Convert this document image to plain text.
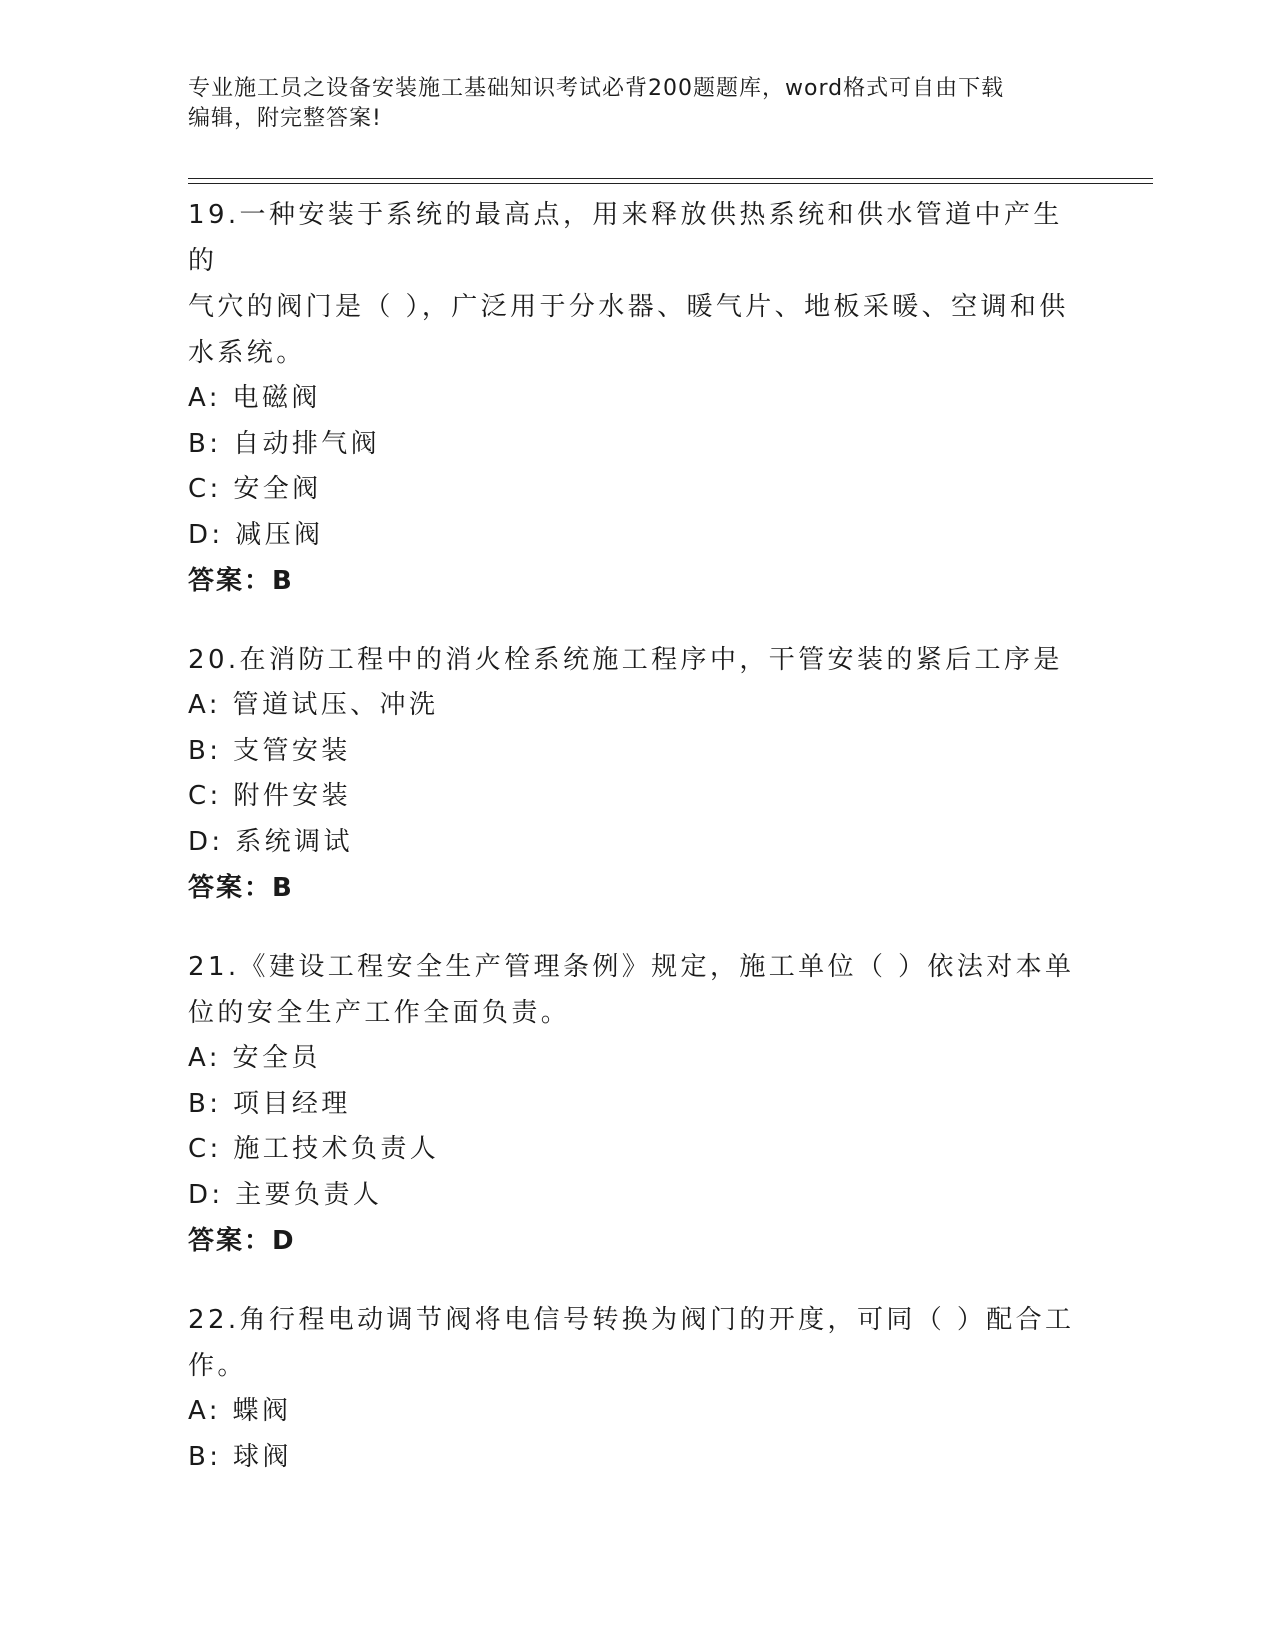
专业施工员之设备安装施工基础知识考试必背200题题库，word格式可自由下载
编辑，附完整答案!
19.一种安装于系统的最高点，用来释放供热系统和供水管道中产生的
气穴的阀门是（ ），广泛用于分水器、暖气片、地板采暖、空调和供
水系统。
A: 电磁阀
B: 自动排气阀
C: 安全阀
D: 减压阀
答案：B
20.在消防工程中的消火栓系统施工程序中，干管安装的紧后工序是
A: 管道试压、冲洗
B: 支管安装
C: 附件安装
D: 系统调试
答案：B
21.《建设工程安全生产管理条例》规定，施工单位（ ）依法对本单
位的安全生产工作全面负责。
A: 安全员
B: 项目经理
C: 施工技术负责人
D: 主要负责人
答案：D
22.角行程电动调节阀将电信号转换为阀门的开度，可同（ ）配合工
作。
A: 蝶阀
B: 球阀
